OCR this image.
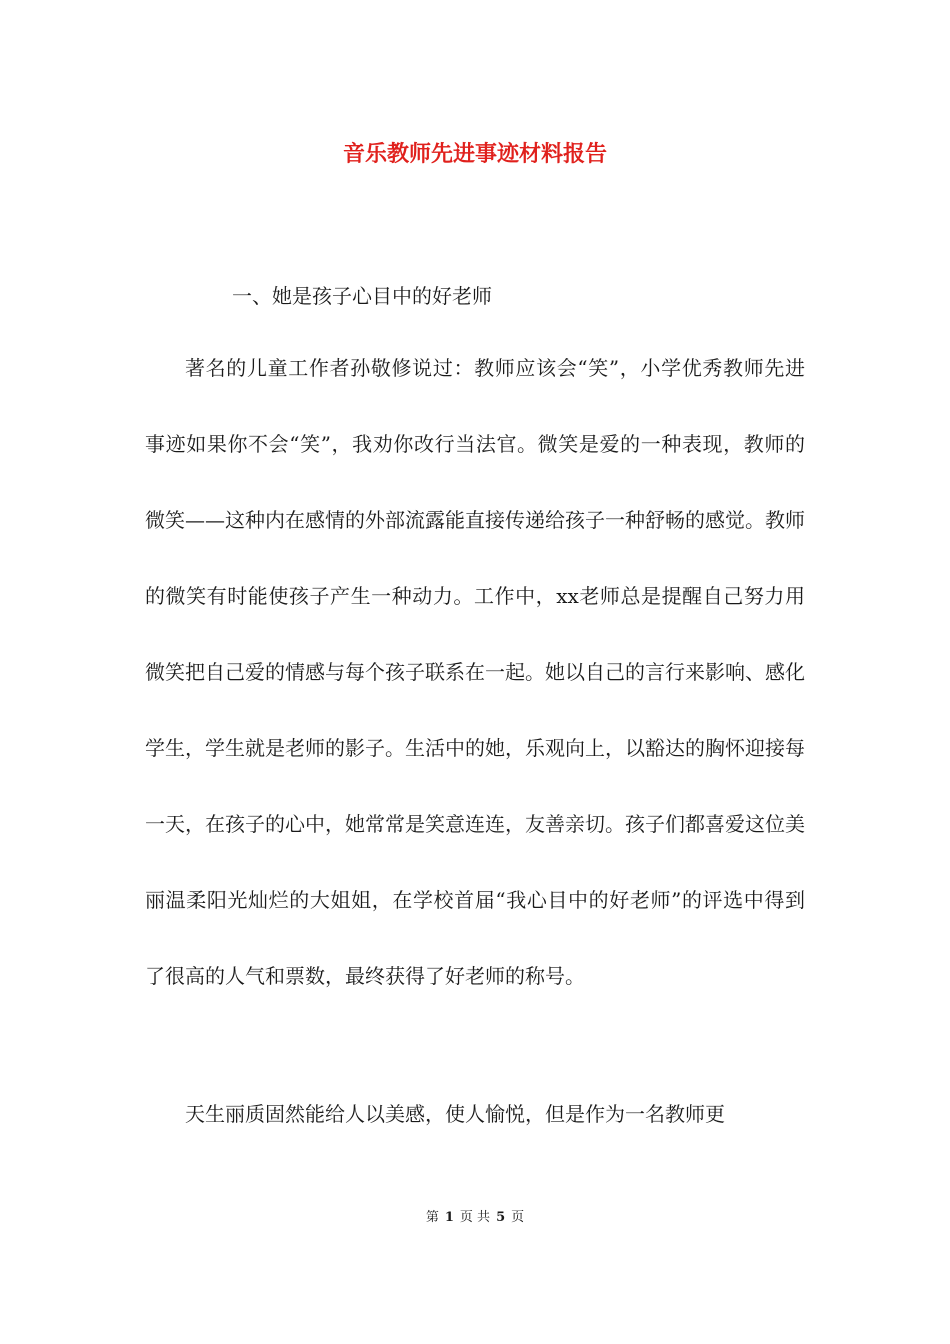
音乐教师先进事迹材料报告
一、她是孩子心目中的好老师

著名的儿童工作者孙敬修说过：教师应该会“笑”，小学优秀教师先进事迹如果你不会“笑”，我劝你改行当法官。微笑是爱的一种表现，教师的微笑——这种内在感情的外部流露能直接传递给孩子一种舒畅的感觉。教师的微笑有时能使孩子产生一种动力。工作中，xx老师总是提醒自己努力用微笑把自己爱的情感与每个孩子联系在一起。她以自己的言行来影响、感化学生，学生就是老师的影子。生活中的她，乐观向上，以豁达的胸怀迎接每一天，在孩子的心中，她常常是笑意连连，友善亲切。孩子们都喜爱这位美丽温柔阳光灿烂的大姐姐，在学校首届“我心目中的好老师”的评选中得到了很高的人气和票数，最终获得了好老师的称号。

天生丽质固然能给人以美感，使人愉悦，但是作为一名教师更

第 1 页 共 5 页
